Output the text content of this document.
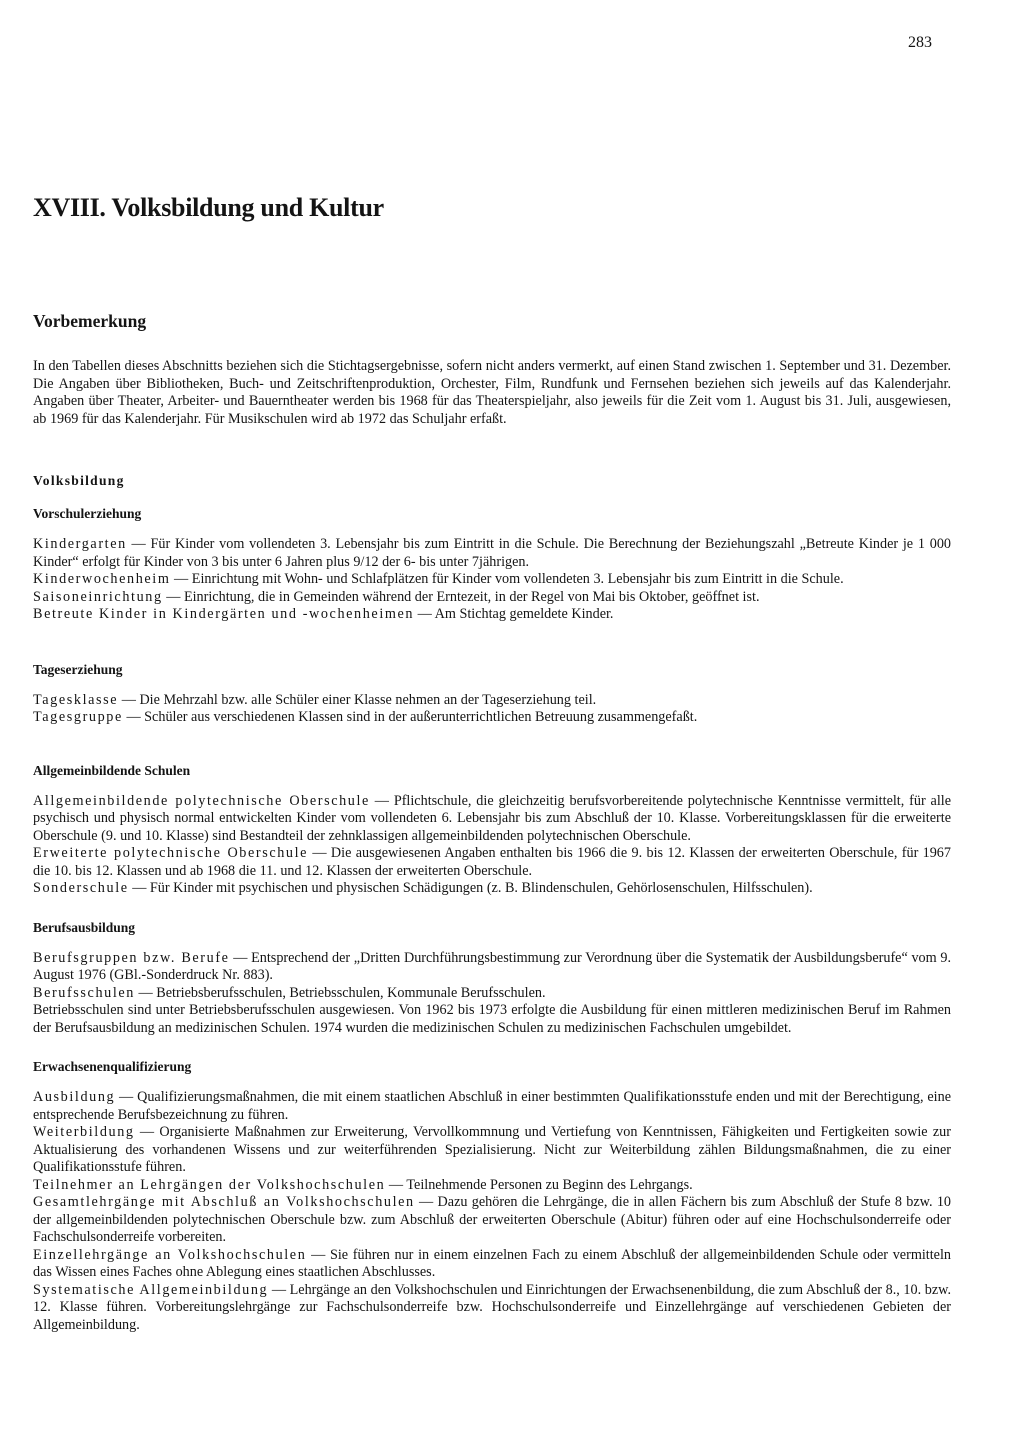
283
XVIII. Volksbildung und Kultur
Vorbemerkung

In den Tabellen dieses Abschnitts beziehen sich die Stichtagsergebnisse, sofern nicht anders vermerkt, auf einen Stand zwischen 1. September und 31. Dezember. Die Angaben über Bibliotheken, Buch- und Zeitschriftenproduktion, Orchester, Film, Rundfunk und Fernsehen beziehen sich jeweils auf das Kalenderjahr. Angaben über Theater, Arbeiter- und Bauerntheater werden bis 1968 für das Theaterspieljahr, also jeweils für die Zeit vom 1. August bis 31. Juli, ausgewiesen, ab 1969 für das Kalenderjahr. Für Musikschulen wird ab 1972 das Schuljahr erfaßt.

Volksbildung
Vorschulerziehung

Kindergarten — Für Kinder vom vollendeten 3. Lebensjahr bis zum Eintritt in die Schule. Die Berechnung der Beziehungszahl „Betreute Kinder je 1 000 Kinder“ erfolgt für Kinder von 3 bis unter 6 Jahren plus 9/12 der 6- bis unter 7jährigen.

Kinderwochenheim — Einrichtung mit Wohn- und Schlafplätzen für Kinder vom vollendeten 3. Lebensjahr bis zum Eintritt in die Schule.

Saisoneinrichtung — Einrichtung, die in Gemeinden während der Erntezeit, in der Regel von Mai bis Oktober, geöffnet ist.

Betreute Kinder in Kindergärten und -wochenheimen — Am Stichtag gemeldete Kinder.

Tageserziehung

Tagesklasse — Die Mehrzahl bzw. alle Schüler einer Klasse nehmen an der Tageserziehung teil.

Tagesgruppe — Schüler aus verschiedenen Klassen sind in der außerunterrichtlichen Betreuung zusammengefaßt.

Allgemeinbildende Schulen

Allgemeinbildende polytechnische Oberschule — Pflichtschule, die gleichzeitig berufsvorbereitende polytechnische Kenntnisse vermittelt, für alle psychisch und physisch normal entwickelten Kinder vom vollendeten 6. Lebensjahr bis zum Abschluß der 10. Klasse. Vorbereitungsklassen für die erweiterte Oberschule (9. und 10. Klasse) sind Bestandteil der zehnklassigen allgemeinbildenden polytechnischen Oberschule.

Erweiterte polytechnische Oberschule — Die ausgewiesenen Angaben enthalten bis 1966 die 9. bis 12. Klassen der erweiterten Oberschule, für 1967 die 10. bis 12. Klassen und ab 1968 die 11. und 12. Klassen der erweiterten Oberschule.

Sonderschule — Für Kinder mit psychischen und physischen Schädigungen (z. B. Blindenschulen, Gehörlosenschulen, Hilfsschulen).

Berufsausbildung

Berufsgruppen bzw. Berufe — Entsprechend der „Dritten Durchführungsbestimmung zur Verordnung über die Systematik der Ausbildungsberufe“ vom 9. August 1976 (GBl.-Sonderdruck Nr. 883).

Berufsschulen — Betriebsberufsschulen, Betriebsschulen, Kommunale Berufsschulen.

Betriebsschulen sind unter Betriebsberufsschulen ausgewiesen. Von 1962 bis 1973 erfolgte die Ausbildung für einen mittleren medizinischen Beruf im Rahmen der Berufsausbildung an medizinischen Schulen. 1974 wurden die medizinischen Schulen zu medizinischen Fachschulen umgebildet.

Erwachsenenqualifizierung

Ausbildung — Qualifizierungsmaßnahmen, die mit einem staatlichen Abschluß in einer bestimmten Qualifikationsstufe enden und mit der Berechtigung, eine entsprechende Berufsbezeichnung zu führen.

Weiterbildung — Organisierte Maßnahmen zur Erweiterung, Vervollkommnung und Vertiefung von Kenntnissen, Fähigkeiten und Fertigkeiten sowie zur Aktualisierung des vorhandenen Wissens und zur weiterführenden Spezialisierung. Nicht zur Weiterbildung zählen Bildungsmaßnahmen, die zu einer Qualifikationsstufe führen.

Teilnehmer an Lehrgängen der Volkshochschulen — Teilnehmende Personen zu Beginn des Lehrgangs.

Gesamtlehrgänge mit Abschluß an Volkshochschulen — Dazu gehören die Lehrgänge, die in allen Fächern bis zum Abschluß der Stufe 8 bzw. 10 der allgemeinbildenden polytechnischen Oberschule bzw. zum Abschluß der erweiterten Oberschule (Abitur) führen oder auf eine Hochschulsonderreife oder Fachschulsonderreife vorbereiten.

Einzellehrgänge an Volkshochschulen — Sie führen nur in einem einzelnen Fach zu einem Abschluß der allgemeinbildenden Schule oder vermitteln das Wissen eines Faches ohne Ablegung eines staatlichen Abschlusses.

Systematische Allgemeinbildung — Lehrgänge an den Volkshochschulen und Einrichtungen der Erwachsenenbildung, die zum Abschluß der 8., 10. bzw. 12. Klasse führen. Vorbereitungslehrgänge zur Fachschulsonderreife bzw. Hochschulsonderreife und Einzellehrgänge auf verschiedenen Gebieten der Allgemeinbildung.
